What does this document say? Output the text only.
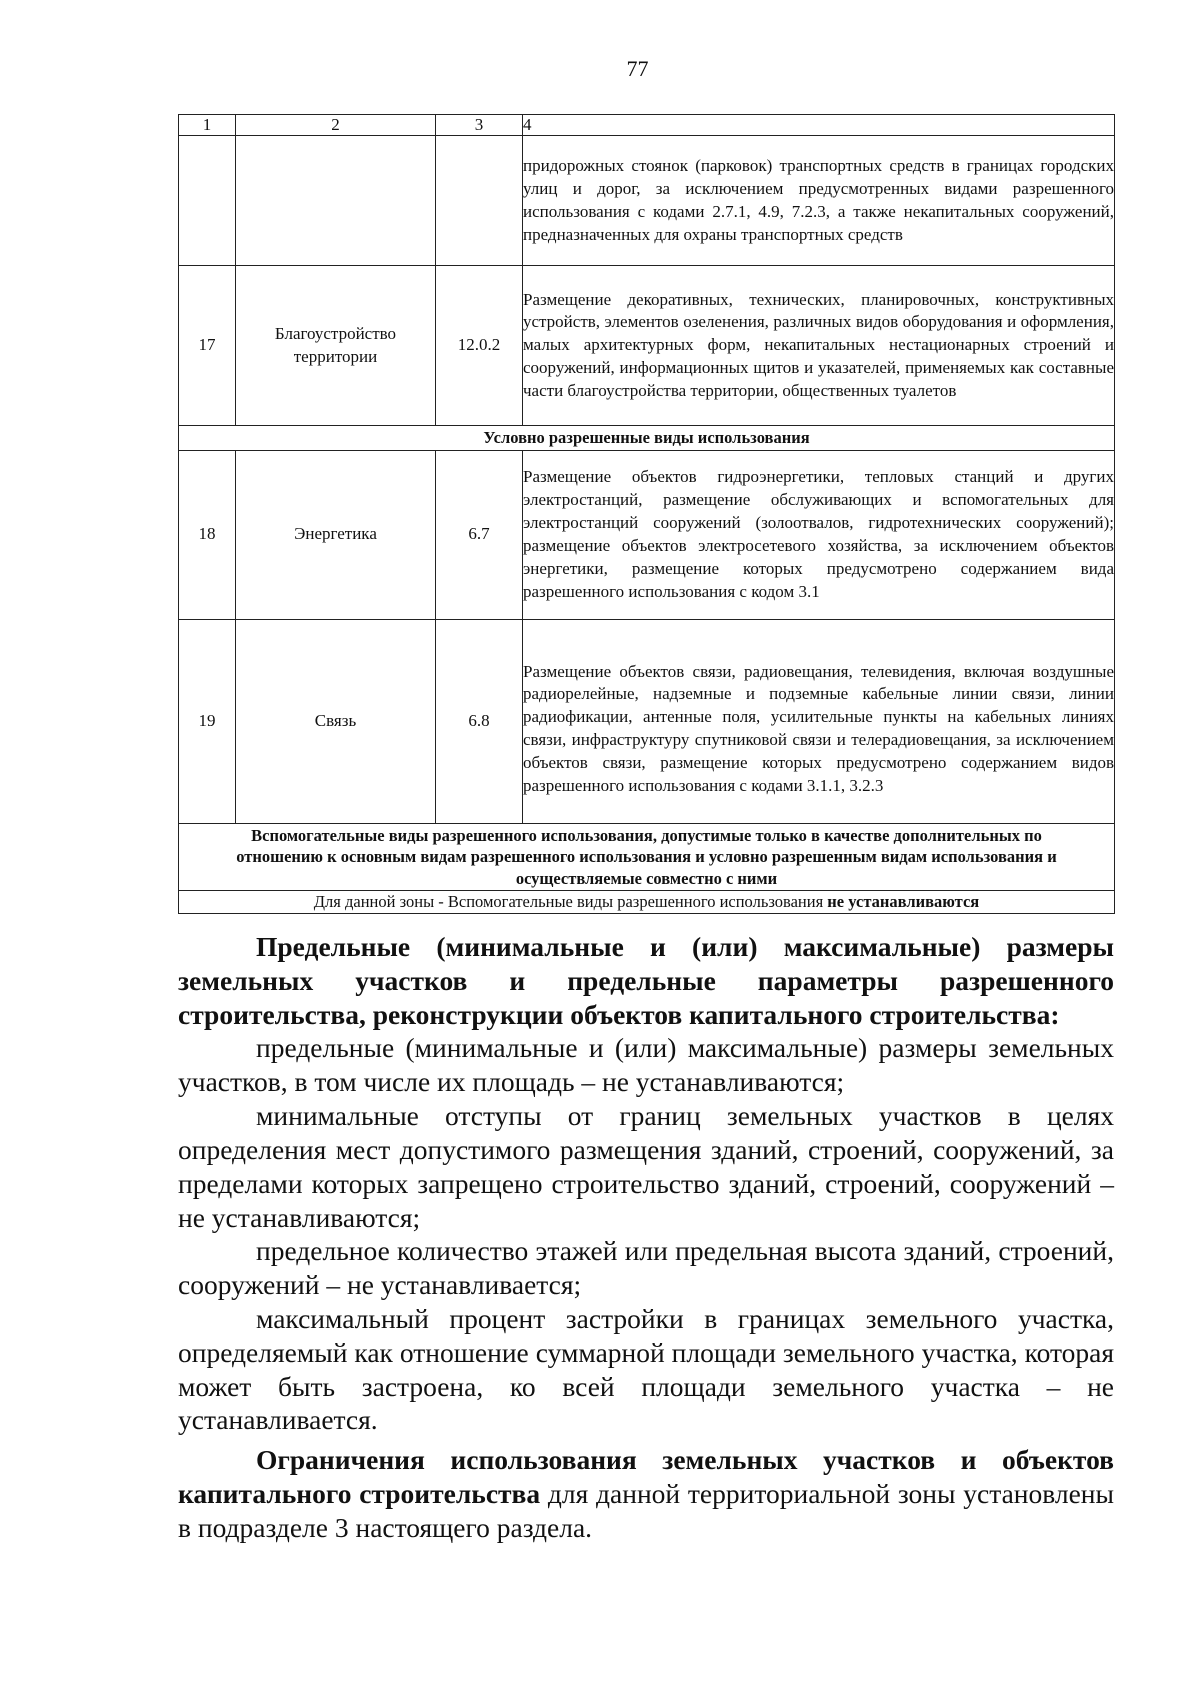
77
1	2	3	4
			придорожных стоянок (парковок) транспортных средств в границах городских улиц и дорог, за исключением предусмотренных видами разрешенного использования с кодами 2.7.1, 4.9, 7.2.3, а также некапитальных сооружений, предназначенных для охраны транспортных средств
17	Благоустройство территории	12.0.2	Размещение декоративных, технических, планировочных, конструктивных устройств, элементов озеленения, различных видов оборудования и оформления, малых архитектурных форм, некапитальных нестационарных строений и сооружений, информационных щитов и указателей, применяемых как составные части благоустройства территории, общественных туалетов
Условно разрешенные виды использования			
18	Энергетика	6.7	Размещение объектов гидроэнергетики, тепловых станций и других электростанций, размещение обслуживающих и вспомогательных для электростанций сооружений (золоотвалов, гидротехнических сооружений); размещение объектов электросетевого хозяйства, за исключением объектов энергетики, размещение которых предусмотрено содержанием вида разрешенного использования с кодом 3.1
19	Связь	6.8	Размещение объектов связи, радиовещания, телевидения, включая воздушные радиорелейные, надземные и подземные кабельные линии связи, линии радиофикации, антенные поля, усилительные пункты на кабельных линиях связи, инфраструктуру спутниковой связи и телерадиовещания, за исключением объектов связи, размещение которых предусмотрено содержанием видов разрешенного использования с кодами 3.1.1, 3.2.3
Вспомогательные виды разрешенного использования, допустимые только в качестве дополнительных по отношению к основным видам разрешенного использования и условно разрешенным видам использования и осуществляемые совместно с ними			
Для данной зоны - Вспомогательные виды разрешенного использования не устанавливаются			

Предельные (минимальные и (или) максимальные) размеры земельных участков и предельные параметры разрешенного строительства, реконструкции объектов капитального строительства:

предельные (минимальные и (или) максимальные) размеры земельных участков, в том числе их площадь – не устанавливаются;

минимальные отступы от границ земельных участков в целях определения мест допустимого размещения зданий, строений, сооружений, за пределами которых запрещено строительство зданий, строений, сооружений – не устанавливаются;

предельное количество этажей или предельная высота зданий, строений, сооружений – не устанавливается;

максимальный процент застройки в границах земельного участка, определяемый как отношение суммарной площади земельного участка, которая может быть застроена, ко всей площади земельного участка – не устанавливается.

Ограничения использования земельных участков и объектов капитального строительства для данной территориальной зоны установлены в подразделе 3 настоящего раздела.
